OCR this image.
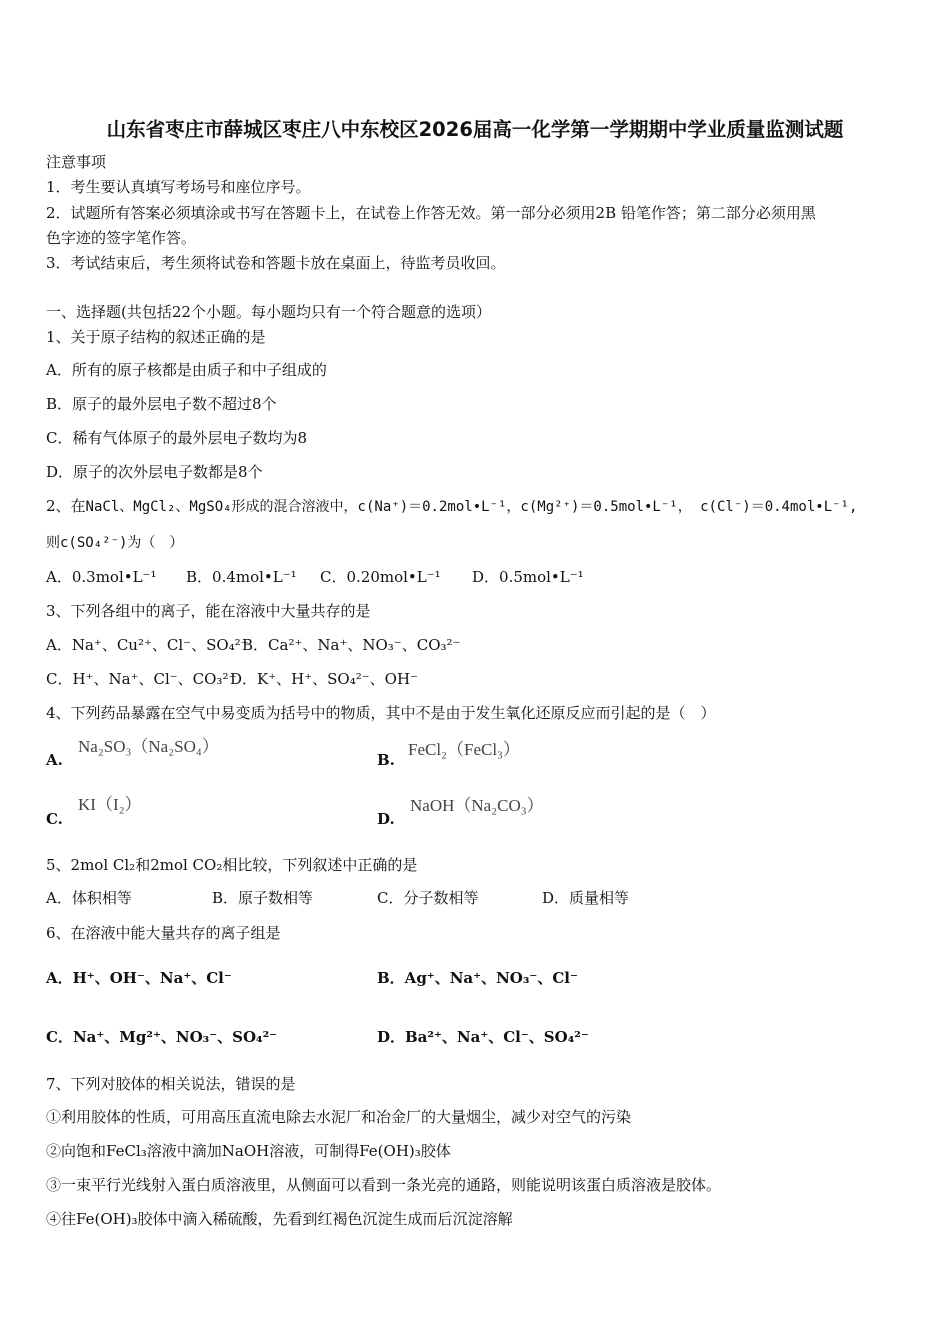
山东省枣庄市薛城区枣庄八中东校区2026届高一化学第一学期期中学业质量监测试题
注意事项
1．考生要认真填写考场号和座位序号。
2．试题所有答案必须填涂或书写在答题卡上，在试卷上作答无效。第一部分必须用2B 铅笔作答；第二部分必须用黑
色字迹的签字笔作答。
3．考试结束后，考生须将试卷和答题卡放在桌面上，待监考员收回。
一、选择题(共包括22个小题。每小题均只有一个符合题意的选项）
1、关于原子结构的叙述正确的是
A．所有的原子核都是由质子和中子组成的
B．原子的最外层电子数不超过8个
C．稀有气体原子的最外层电子数均为8
D．原子的次外层电子数都是8个
2、在NaCl、MgCl₂、MgSO₄形成的混合溶液中，c(Na⁺)＝0.2mol•L⁻¹，c(Mg²⁺)＝0.5mol•L⁻¹， c(Cl⁻)＝0.4mol•L⁻¹,
则c(SO₄²⁻)为（　）
A．0.3mol•L⁻¹ B．0.4mol•L⁻¹ C．0.20mol•L⁻¹ D．0.5mol•L⁻¹
3、下列各组中的离子，能在溶液中大量共存的是
A．Na⁺、Cu²⁺、Cl⁻、SO₄²⁻
B．Ca²⁺、Na⁺、NO₃⁻、CO₃²⁻
C．H⁺、Na⁺、Cl⁻、CO₃²⁻
D．K⁺、H⁺、SO₄²⁻、OH⁻
4、下列药品暴露在空气中易变质为括号中的物质，其中不是由于发生氧化还原反应而引起的是（　）
A.
Na₂SO₃（Na₂SO₄）
B.
FeCl₂（FeCl₃）
C.
KI（I₂）
D.
NaOH（Na₂CO₃）
5、2mol Cl₂和2mol CO₂相比较，下列叙述中正确的是
A．体积相等	B．原子数相等	C．分子数相等	D．质量相等
6、在溶液中能大量共存的离子组是
A．H⁺、OH⁻、Na⁺、Cl⁻	B．Ag⁺、Na⁺、NO₃⁻、Cl⁻
C．Na⁺、Mg²⁺、NO₃⁻、SO₄²⁻	D．Ba²⁺、Na⁺、Cl⁻、SO₄²⁻
7、下列对胶体的相关说法，错误的是
①利用胶体的性质，可用高压直流电除去水泥厂和冶金厂的大量烟尘，减少对空气的污染
②向饱和FeCl₃溶液中滴加NaOH溶液，可制得Fe(OH)₃胶体
③一束平行光线射入蛋白质溶液里，从侧面可以看到一条光亮的通路，则能说明该蛋白质溶液是胶体。
④往Fe(OH)₃胶体中滴入稀硫酸，先看到红褐色沉淀生成而后沉淀溶解
